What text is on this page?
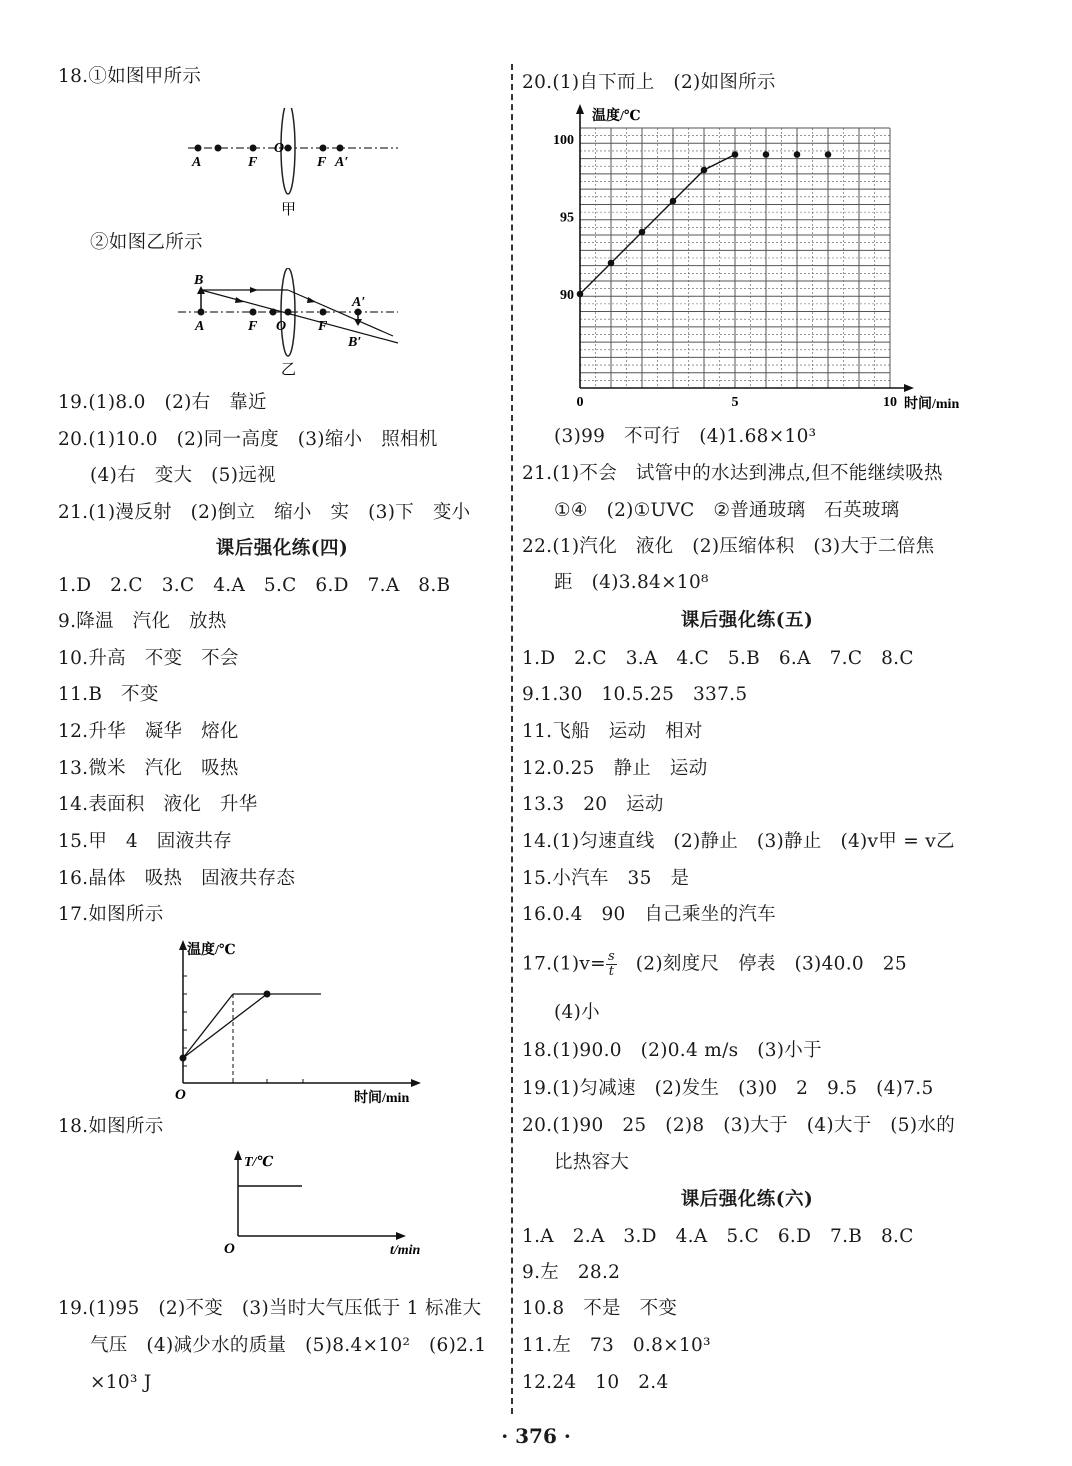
18.①如图甲所示
A	F
O
F A′
甲
②如图乙所示
B
A	F O F
A′
B′
乙
19.(1)8.0　(2)右　靠近
20.(1)10.0　(2)同一高度　(3)缩小　照相机
(4)右　变大　(5)远视
21.(1)漫反射　(2)倒立　缩小　实　(3)下　变小
课后强化练(四)
1.D　2.C　3.C　4.A　5.C　6.D　7.A　8.B
9.降温　汽化　放热
10.升高　不变　不会
11.B　不变
12.升华　凝华　熔化
13.微米　汽化　吸热
14.表面积　液化　升华
15.甲　4　固液共存
16.晶体　吸热　固液共存态
17.如图所示
温度/℃
时间/min
O
18.如图所示
T/℃
t/min
O
19.(1)95　(2)不变　(3)当时大气压低于 1 标准大
气压　(4)减少水的质量　(5)8.4×10²　(6)2.1
×10³ J
20.(1)自下而上　(2)如图所示
90
95
100
0	5	10
温度/℃
时间/min
(3)99　不可行　(4)1.68×10³
21.(1)不会　试管中的水达到沸点,但不能继续吸热
①④　(2)①UVC　②普通玻璃　石英玻璃
22.(1)汽化　液化　(2)压缩体积　(3)大于二倍焦
距　(4)3.84×10⁸
课后强化练(五)
1.D　2.C　3.A　4.C　5.B　6.A　7.C　8.C
9.1.30　10.5.25　337.5
11.飞船　运动　相对
12.0.25　静止　运动
13.3　20　运动
14.(1)匀速直线　(2)静止　(3)静止　(4)v甲 = v乙
15.小汽车　35　是
16.0.4　90　自己乘坐的汽车
$17.(1)v= \frac{s}{t}$ 　(2)刻度尺　停表　(3)40.0　25
(4)小
18.(1)90.0　(2)0.4 m/s　(3)小于
19.(1)匀减速　(2)发生　(3)0　2　9.5　(4)7.5
20.(1)90　25　(2)8　(3)大于　(4)大于　(5)水的
比热容大
课后强化练(六)
1.A　2.A　3.D　4.A　5.C　6.D　7.B　8.C
9.左　28.2
10.8　不是　不变
11.左　73　0.8×10³
12.24　10　2.4
· 376 ·
